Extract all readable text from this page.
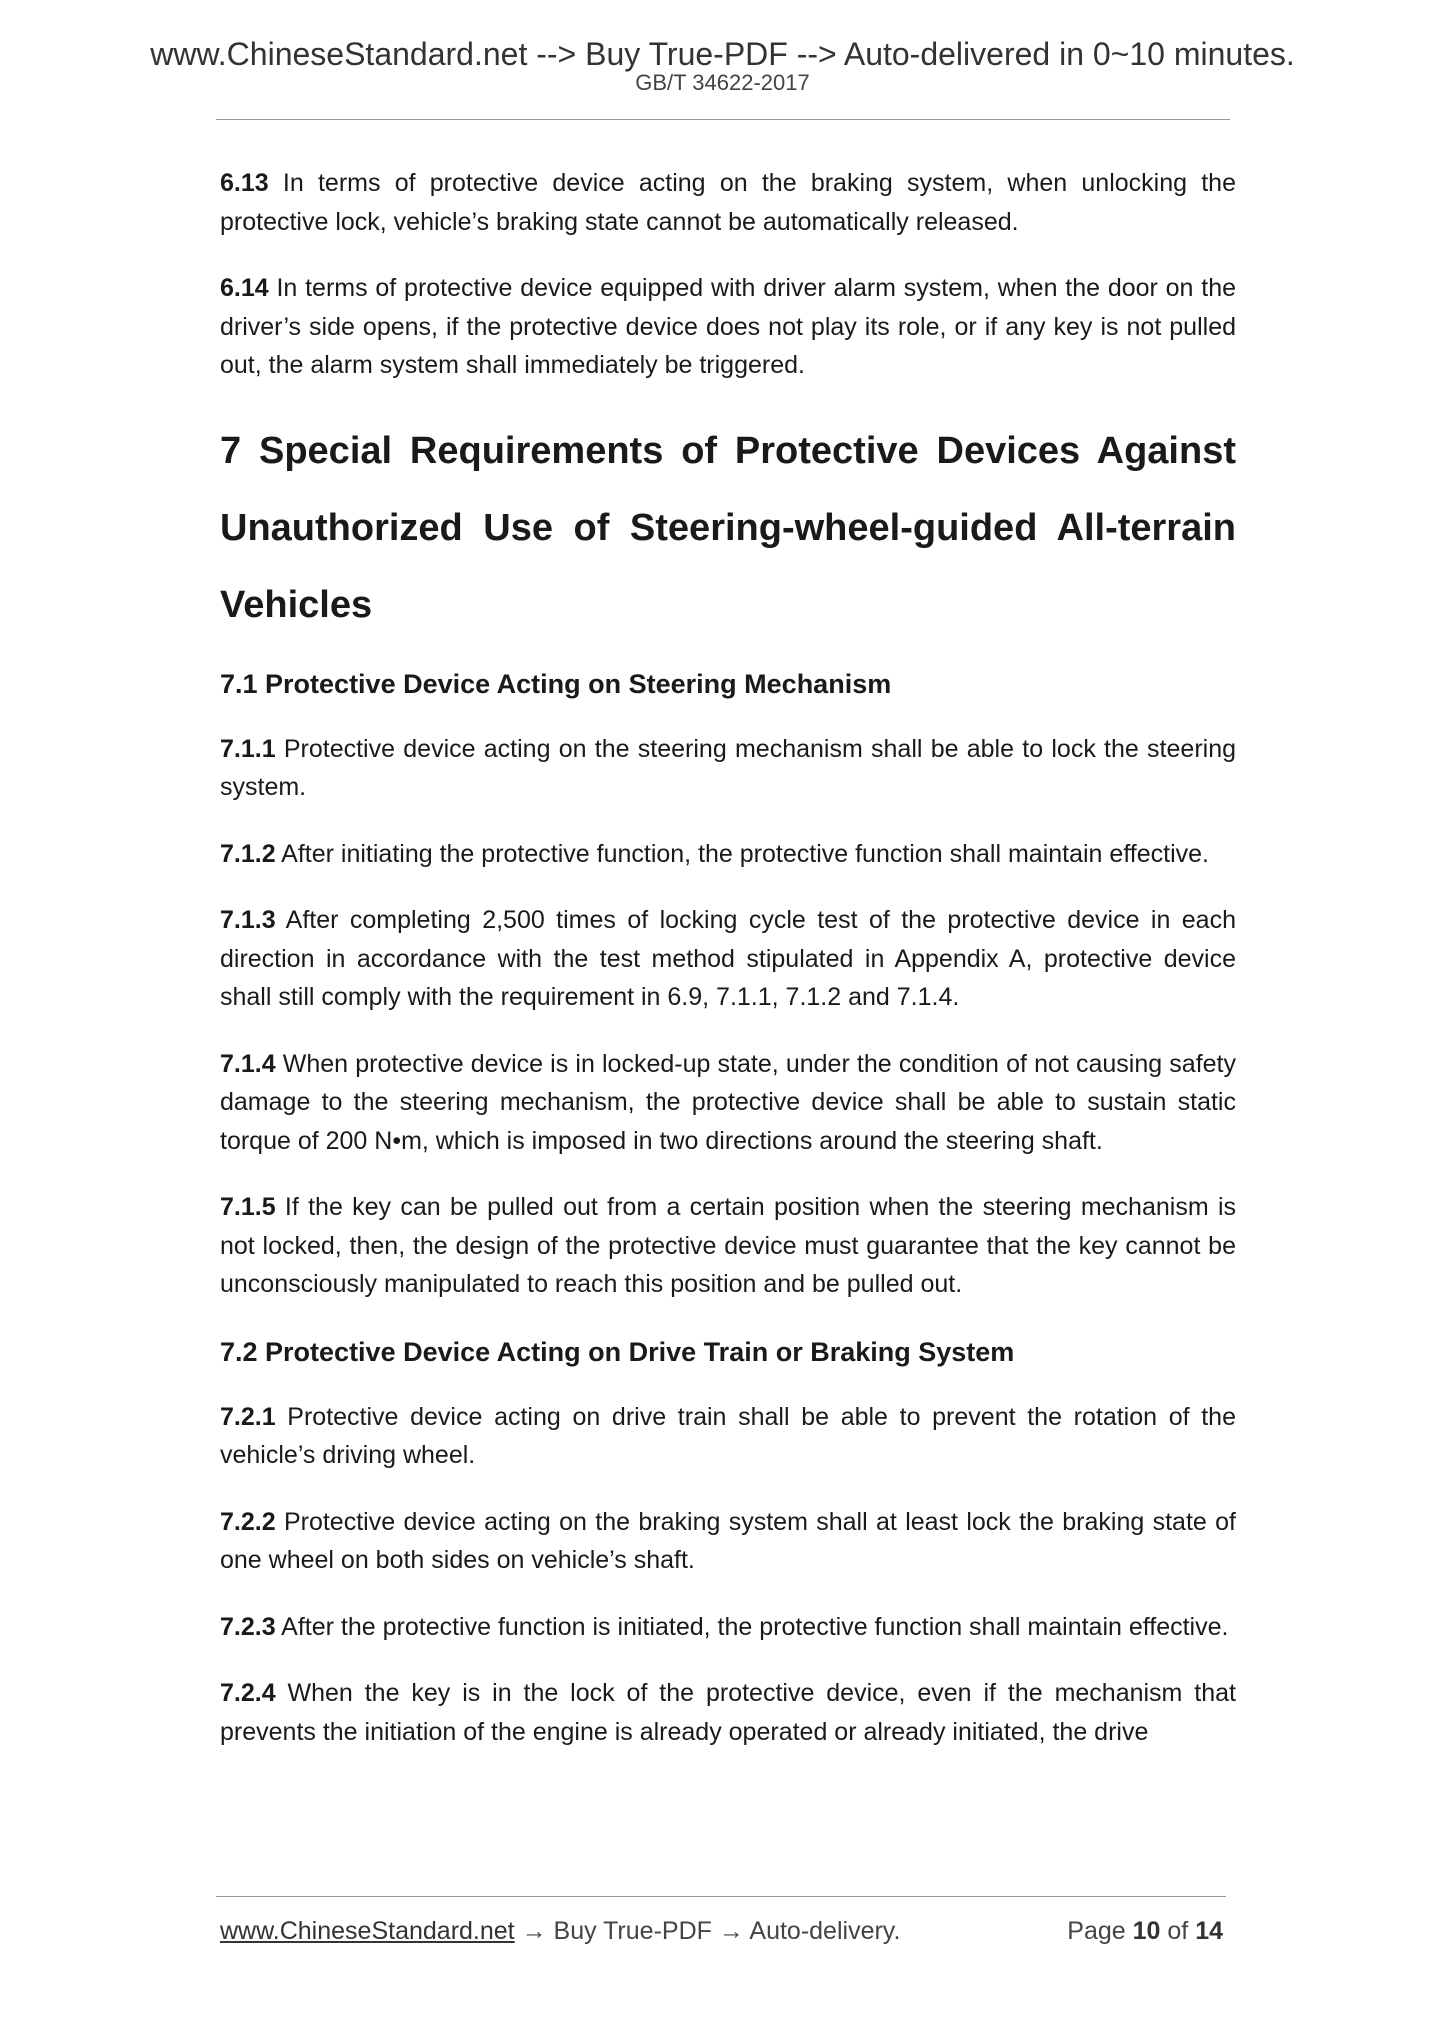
www.ChineseStandard.net --> Buy True-PDF --> Auto-delivered in 0~10 minutes.
GB/T 34622-2017

6.13 In terms of protective device acting on the braking system, when unlocking the protective lock, vehicle’s braking state cannot be automatically released.

6.14 In terms of protective device equipped with driver alarm system, when the door on the driver’s side opens, if the protective device does not play its role, or if any key is not pulled out, the alarm system shall immediately be triggered.

7 Special Requirements of Protective Devices Against Unauthorized Use of Steering-wheel-guided All-terrain Vehicles
7.1 Protective Device Acting on Steering Mechanism

7.1.1 Protective device acting on the steering mechanism shall be able to lock the steering system.

7.1.2 After initiating the protective function, the protective function shall maintain effective.

7.1.3 After completing 2,500 times of locking cycle test of the protective device in each direction in accordance with the test method stipulated in Appendix A, protective device shall still comply with the requirement in 6.9, 7.1.1, 7.1.2 and 7.1.4.

7.1.4 When protective device is in locked-up state, under the condition of not causing safety damage to the steering mechanism, the protective device shall be able to sustain static torque of 200 N•m, which is imposed in two directions around the steering shaft.

7.1.5 If the key can be pulled out from a certain position when the steering mechanism is not locked, then, the design of the protective device must guarantee that the key cannot be unconsciously manipulated to reach this position and be pulled out.

7.2 Protective Device Acting on Drive Train or Braking System

7.2.1 Protective device acting on drive train shall be able to prevent the rotation of the vehicle’s driving wheel.

7.2.2 Protective device acting on the braking system shall at least lock the braking state of one wheel on both sides on vehicle’s shaft.

7.2.3 After the protective function is initiated, the protective function shall maintain effective.

7.2.4 When the key is in the lock of the protective device, even if the mechanism that prevents the initiation of the engine is already operated or already initiated, the drive

www.ChineseStandard.net → Buy True-PDF → Auto-delivery.	Page 10 of 14
